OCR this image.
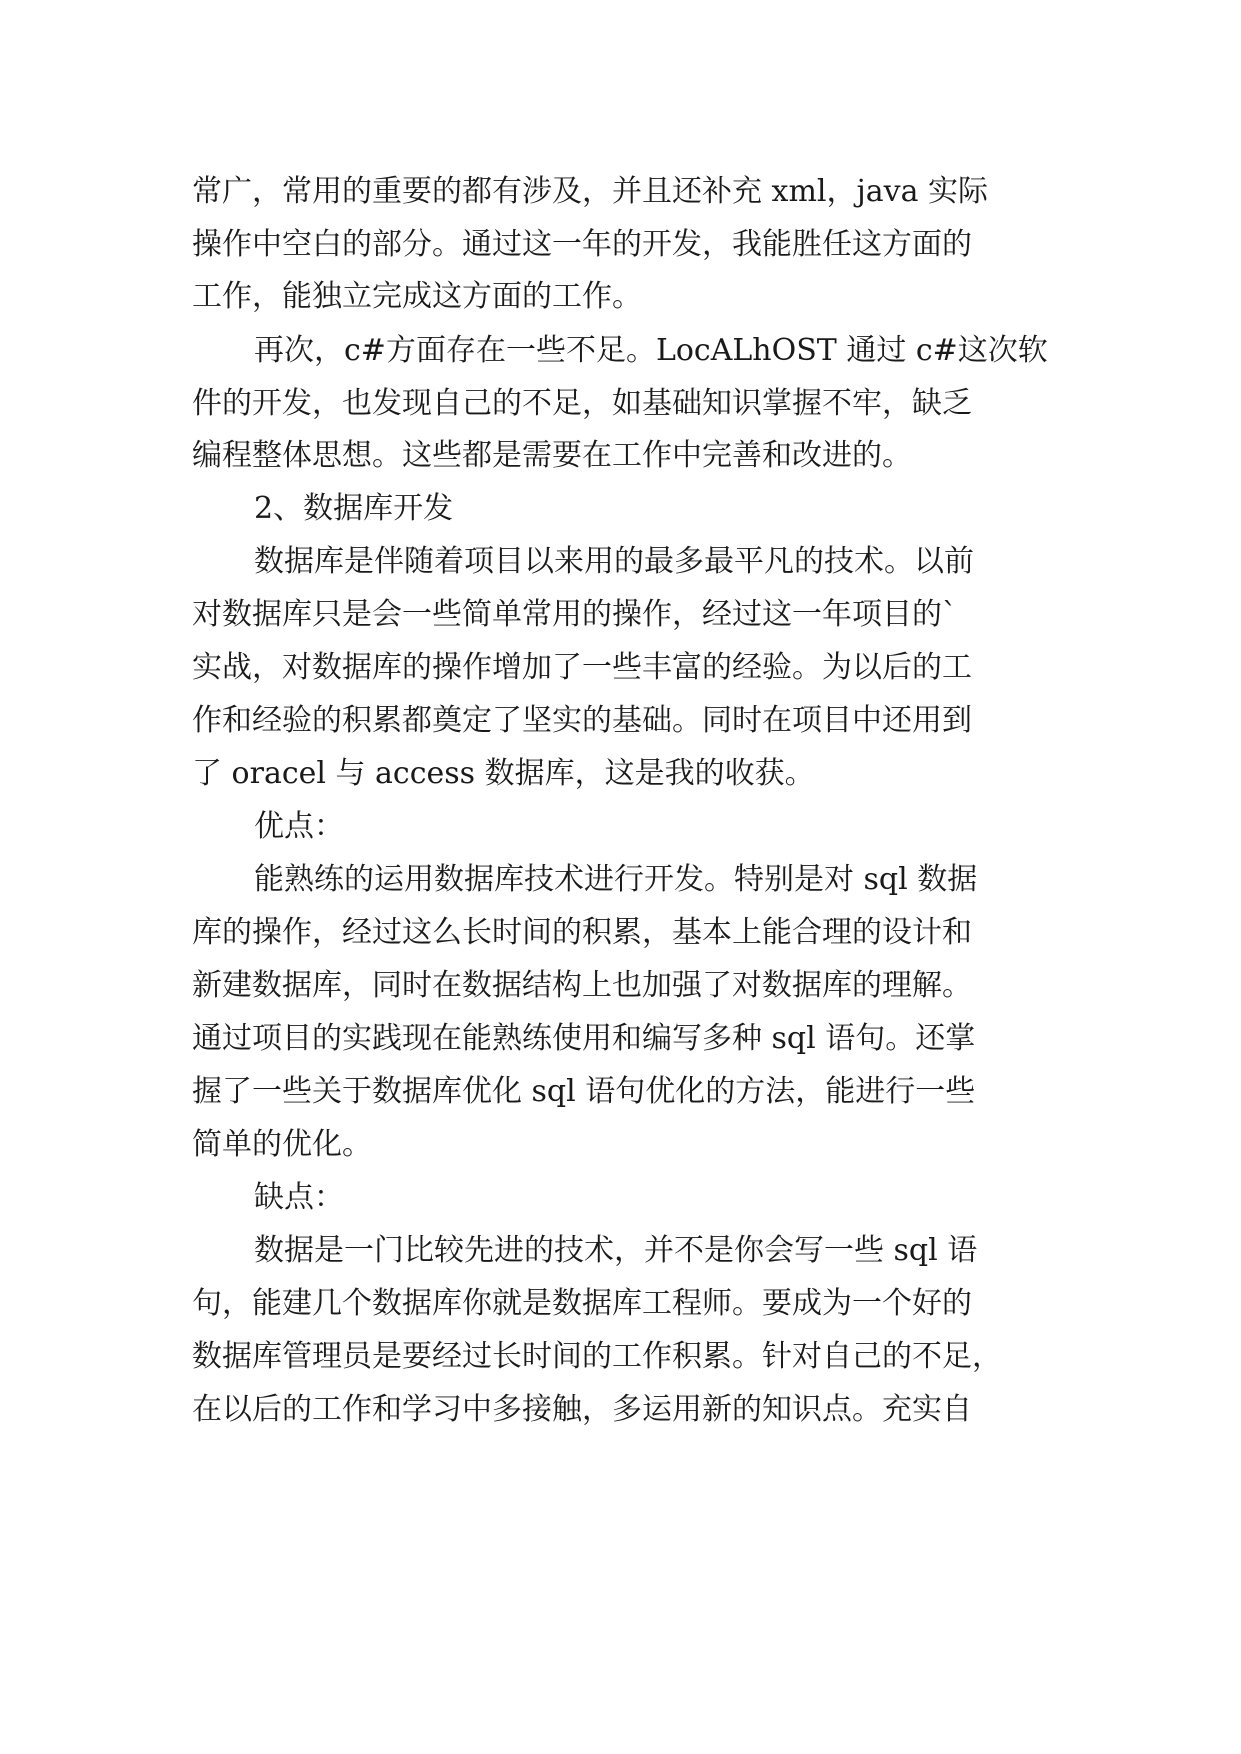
常广，常用的重要的都有涉及，并且还补充 xml，java 实际
操作中空白的部分。通过这一年的开发，我能胜任这方面的
工作，能独立完成这方面的工作。
再次，c#方面存在一些不足。LocALhOST 通过 c#这次软
件的开发，也发现自己的不足，如基础知识掌握不牢，缺乏
编程整体思想。这些都是需要在工作中完善和改进的。
2、数据库开发
数据库是伴随着项目以来用的最多最平凡的技术。以前
对数据库只是会一些简单常用的操作，经过这一年项目的`
实战，对数据库的操作增加了一些丰富的经验。为以后的工
作和经验的积累都奠定了坚实的基础。同时在项目中还用到
了 oracel 与 access 数据库，这是我的收获。
优点：
能熟练的运用数据库技术进行开发。特别是对 sql 数据
库的操作，经过这么长时间的积累，基本上能合理的设计和
新建数据库，同时在数据结构上也加强了对数据库的理解。
通过项目的实践现在能熟练使用和编写多种 sql 语句。还掌
握了一些关于数据库优化 sql 语句优化的方法，能进行一些
简单的优化。
缺点：
数据是一门比较先进的技术，并不是你会写一些 sql 语
句，能建几个数据库你就是数据库工程师。要成为一个好的
数据库管理员是要经过长时间的工作积累。针对自己的不足，
在以后的工作和学习中多接触，多运用新的知识点。充实自
